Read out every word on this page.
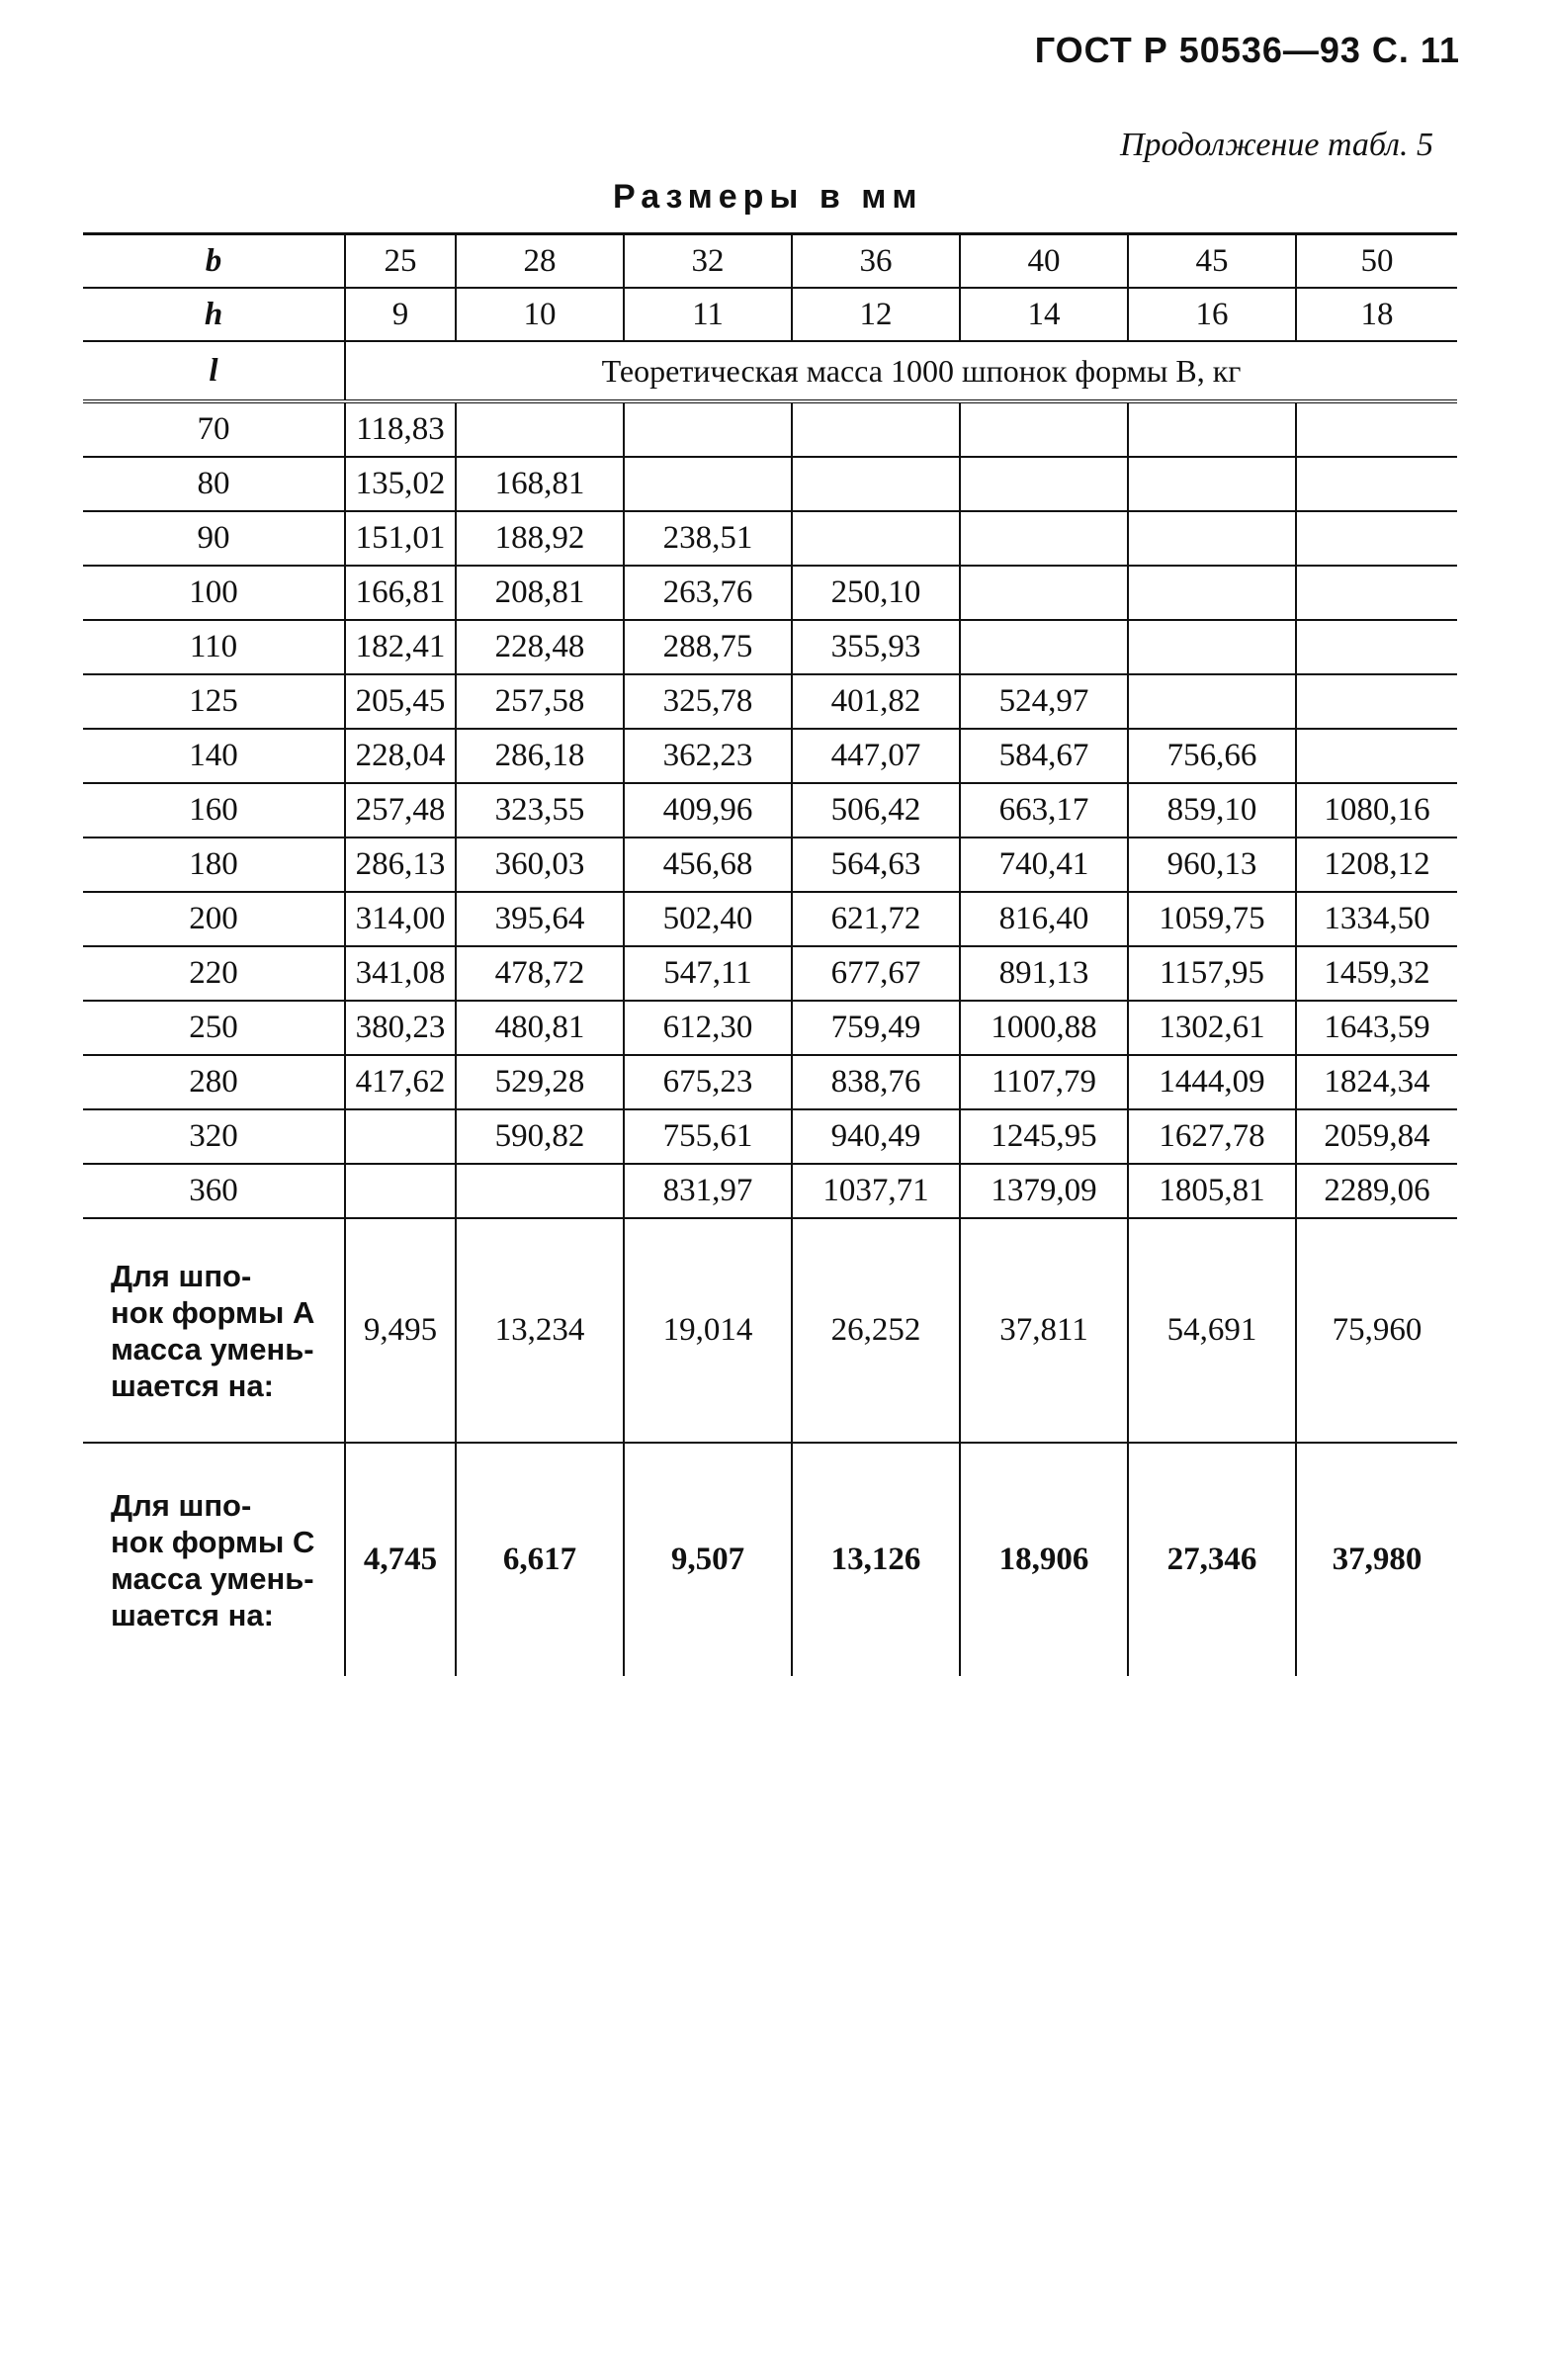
ГОСТ Р 50536—93 С. 11
Продолжение табл. 5
Размеры в мм
b	25	28	32	36	40	45	50
h	9	10	11	12	14	16	18
l	Теоретическая масса 1000 шпонок формы B, кг						
70	118,83						
80	135,02	168,81					
90	151,01	188,92	238,51				
100	166,81	208,81	263,76	250,10			
110	182,41	228,48	288,75	355,93			
125	205,45	257,58	325,78	401,82	524,97		
140	228,04	286,18	362,23	447,07	584,67	756,66	
160	257,48	323,55	409,96	506,42	663,17	859,10	1080,16
180	286,13	360,03	456,68	564,63	740,41	960,13	1208,12
200	314,00	395,64	502,40	621,72	816,40	1059,75	1334,50
220	341,08	478,72	547,11	677,67	891,13	1157,95	1459,32
250	380,23	480,81	612,30	759,49	1000,88	1302,61	1643,59
280	417,62	529,28	675,23	838,76	1107,79	1444,09	1824,34
320		590,82	755,61	940,49	1245,95	1627,78	2059,84
360			831,97	1037,71	1379,09	1805,81	2289,06

Для шпо-
нок формы A
масса умень-
шается на:	9,495	13,234	19,014	26,252	37,811	54,691	75,960

Для шпо-
нок формы C
масса умень-
шается на:	4,745	6,617	9,507	13,126	18,906	27,346	37,980
